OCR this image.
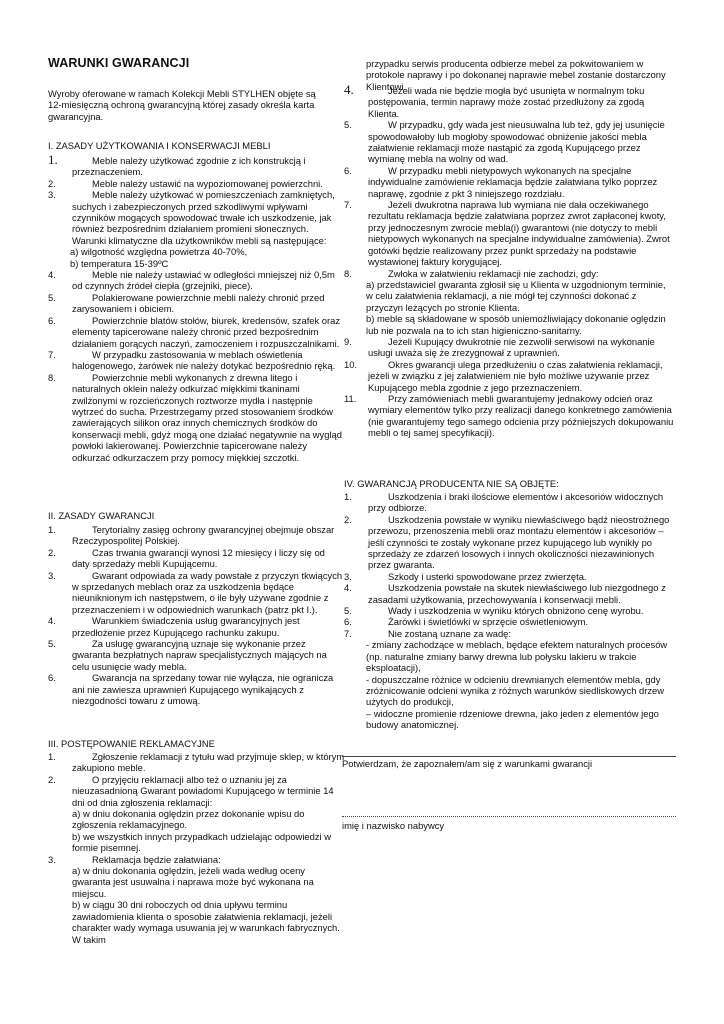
WARUNKI GWARANCJI

Wyroby oferowane w ramach Kolekcji Mebli STYLHEN objęte są 12-miesięczną ochroną gwarancyjną której zasady określa karta gwarancyjna.

I. ZASADY UŻYTKOWANIA I KONSERWACJI MEBLI

1.	Meble należy użytkować zgodnie z ich konstrukcją i przeznaczeniem.
2.	Meble należy ustawić na wypoziomowanej powierzchni.
3.	Meble należy użytkować w pomieszczeniach zamkniętych, suchych i zabezpieczonych przed szkodliwymi wpływami czynników mogących spowodować trwałe ich uszkodzenie, jak również bezpośrednim działaniem promieni słonecznych. Warunki klimatyczne dla użytkowników mebli są następujące:

a) wilgotność względna powietrza 40-70%,

b) temperatura 15-39ºC

4.	Meble nie należy ustawiać w odległości mniejszej niż 0,5m od czynnych źródeł ciepła (grzejniki, piece).
5.	Polakierowane powierzchnie mebli należy chronić przed zarysowaniem i obiciem.
6.	Powierzchnie blatów stołów, biurek, kredensów, szafek oraz elementy tapicerowane należy chronić przed bezpośrednim działaniem gorących naczyń, zamoczeniem i rozpuszczalnikami.
7.	W przypadku zastosowania w meblach oświetlenia halogenowego, żarówek nie należy dotykać bezpośrednio ręką.
8.	Powierzchnie mebli wykonanych z drewna litego i naturalnych oklein należy odkurzać miękkimi tkaninami zwilżonymi w rozcieńczonych roztworze mydła i następnie wytrzeć do sucha. Przestrzegamy przed stosowaniem środków zawierających silikon oraz innych chemicznych środków do konserwacji mebli, gdyż mogą one działać negatywnie na wygląd powłoki lakierowanej. Powierzchnie tapicerowane należy odkurzać odkurzaczem przy pomocy miękkiej szczotki.

II. ZASADY GWARANCJI

1.	Terytorialny zasięg ochrony gwarancyjnej obejmuje obszar Rzeczypospolitej Polskiej.
2.	Czas trwania gwarancji wynosi 12 miesięcy i liczy się od daty sprzedaży mebli Kupującemu.
3.	Gwarant odpowiada za wady powstałe z przyczyn tkwiących w sprzedanych meblach oraz za uszkodzenia będące nieuniknionym ich następstwem, o ile były używane zgodnie z przeznaczeniem i w odpowiednich warunkach (patrz pkt I.).
4.	Warunkiem świadczenia usług gwarancyjnych jest przedłożenie przez Kupującego rachunku zakupu.
5.	Za usługę gwarancyjną uznaje się wykonanie przez gwaranta bezpłatnych napraw specjalistycznych mających na celu usunięcie wady mebla.
6.	Gwarancja na sprzedany towar nie wyłącza, nie ogranicza ani nie zawiesza uprawnień Kupującego wynikających z niezgodności towaru z umową.

III. POSTĘPOWANIE REKLAMACYJNE

1.	Zgłoszenie reklamacji z tytułu wad przyjmuje sklep, w którym zakupiono meble.
2.	O przyjęciu reklamacji albo też o uznaniu jej za nieuzasadnioną Gwarant powiadomi Kupującego w terminie 14 dni od dnia zgłoszenia reklamacji:

a) w dniu dokonania oględzin przez dokonanie wpisu do zgłoszenia reklamacyjnego.

b) we wszystkich innych przypadkach udzielając odpowiedzi w formie pisemnej.

3.	Reklamacja będzie załatwiana:

a) w dniu dokonania oględzin, jeżeli wada według oceny gwaranta jest usuwalna i naprawa może być wykonana na miejscu.

b) w ciągu 30 dni roboczych od dnia upływu terminu zawiadomienia klienta o sposobie załatwienia reklamacji, jeżeli charakter wady wymaga usuwania jej w warunkach fabrycznych. W takim

przypadku serwis producenta odbierze mebel za pokwitowaniem w protokole naprawy i po dokonanej naprawie mebel zostanie dostarczony Klientowi.

4.	Jeżeli wada nie będzie mogła być usunięta w normalnym toku postępowania, termin naprawy może zostać przedłużony za zgodą Klienta.
5.	W przypadku, gdy wada jest nieusuwalna lub też, gdy jej usunięcie spowodowałoby lub mogłoby spowodować obniżenie jakości mebla załatwienie reklamacji może nastąpić za zgodą Kupującego przez wymianę mebla na wolny od wad.
6.	W przypadku mebli nietypowych wykonanych na specjalne indywidualne zamówienie reklamacja będzie załatwiana tylko poprzez naprawę, zgodnie z pkt 3 niniejszego rozdziału.
7.	Jeżeli dwukrotna naprawa lub wymiana nie dała oczekiwanego rezultatu reklamacja będzie załatwiana poprzez zwrot zapłaconej kwoty, przy jednoczesnym zwrocie mebla(i) gwarantowi (nie dotyczy to mebli nietypowych wykonanych na specjalne indywidualne zamówienia). Zwrot gotówki będzie realizowany przez punkt sprzedaży na podstawie wystawionej faktury korygującej.
8.	Zwłoka w załatwieniu reklamacji nie zachodzi, gdy:

a) przedstawiciel gwaranta zgłosił się u Klienta w uzgodnionym terminie, w celu załatwienia reklamacji, a nie mógł tej czynności dokonać z przyczyn leżących po stronie Klienta.

b) meble są składowane w sposób uniemożliwiający dokonanie oględzin lub nie pozwala na to ich stan higieniczno-sanitarny.

9.	Jeżeli Kupujący dwukrotnie nie zezwolił serwisowi na wykonanie usługi uważa się że zrezygnował z uprawnień.
10.	Okres gwarancji ulega przedłużeniu o czas załatwienia reklamacji, jeżeli w związku z jej załatwieniem nie było możliwe używanie przez Kupującego mebla zgodnie z jego przeznaczeniem.
11.	Przy zamówieniach mebli gwarantujemy jednakowy odcień oraz wymiary elementów tylko przy realizacji danego konkretnego zamówienia (nie gwarantujemy tego samego odcienia przy późniejszych dokupowaniu mebli o tej samej specyfikacji).

IV. GWARANCJĄ PRODUCENTA NIE SĄ OBJĘTE:

1.	Uszkodzenia i braki ilościowe elementów i akcesoriów widocznych przy odbiorze.
2.	Uszkodzenia powstałe w wyniku niewłaściwego bądź nieostrożnego przewozu, przenoszenia mebli oraz montażu elementów i akcesoriów – jeśli czynności te zostały wykonane przez kupującego lub wynikły po sprzedaży ze zdarzeń losowych i innych okoliczności niezawinionych przez gwaranta.
3.	Szkody i usterki spowodowane przez zwierzęta.
4.	Uszkodzenia powstałe na skutek niewłaściwego lub niezgodnego z zasadami użytkowania, przechowywania i konserwacji mebli.
5.	Wady i uszkodzenia w wyniku których obniżono cenę wyrobu.
6.	Żarówki i świetlówki w sprzęcie oświetleniowym.
7.	Nie zostaną uznane za wadę:

- zmiany zachodzące w meblach, będące efektem naturalnych procesów (np. naturalne zmiany barwy drewna lub połysku lakieru w trakcie eksploatacji),

- dopuszczalne różnice w odcieniu drewnianych elementów mebla, gdy zróżnicowanie odcieni wynika z różnych warunków siedliskowych drzew użytych do produkcji,

– widoczne promienie rdzeniowe drewna, jako jeden z elementów jego budowy anatomicznej.

Potwierdzam, że zapoznałem/am się z warunkami gwarancji

imię i nazwisko nabywcy
